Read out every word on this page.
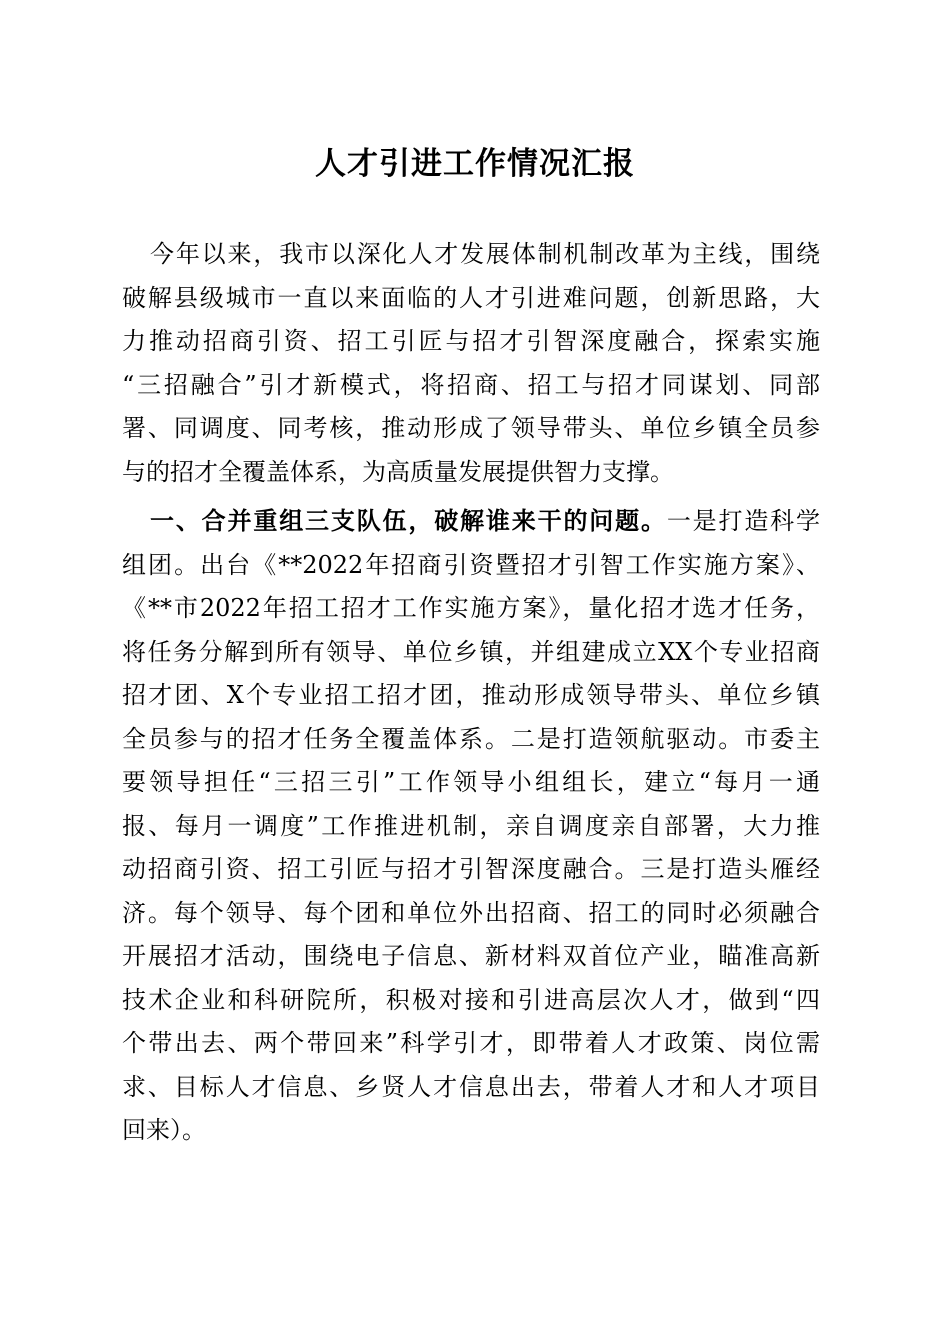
人才引进工作情况汇报
今年以来，我市以深化人才发展体制机制改革为主线，围绕
破解县级城市一直以来面临的人才引进难问题，创新思路，大
力推动招商引资、招工引匠与招才引智深度融合，探索实施
“三招融合”引才新模式，将招商、招工与招才同谋划、同部
署、同调度、同考核，推动形成了领导带头、单位乡镇全员参
与的招才全覆盖体系，为高质量发展提供智力支撑。
一、合并重组三支队伍，破解谁来干的问题。一是打造科学
组团。出台《**2022年招商引资暨招才引智工作实施方案》、
《**市2022年招工招才工作实施方案》，量化招才选才任务，
将任务分解到所有领导、单位乡镇，并组建成立XX个专业招商
招才团、X个专业招工招才团，推动形成领导带头、单位乡镇
全员参与的招才任务全覆盖体系。二是打造领航驱动。市委主
要领导担任“三招三引”工作领导小组组长，建立“每月一通
报、每月一调度”工作推进机制，亲自调度亲自部署，大力推
动招商引资、招工引匠与招才引智深度融合。三是打造头雁经
济。每个领导、每个团和单位外出招商、招工的同时必须融合
开展招才活动，围绕电子信息、新材料双首位产业，瞄准高新
技术企业和科研院所，积极对接和引进高层次人才，做到“四
个带出去、两个带回来”科学引才，即带着人才政策、岗位需
求、目标人才信息、乡贤人才信息出去，带着人才和人才项目
回来）。
